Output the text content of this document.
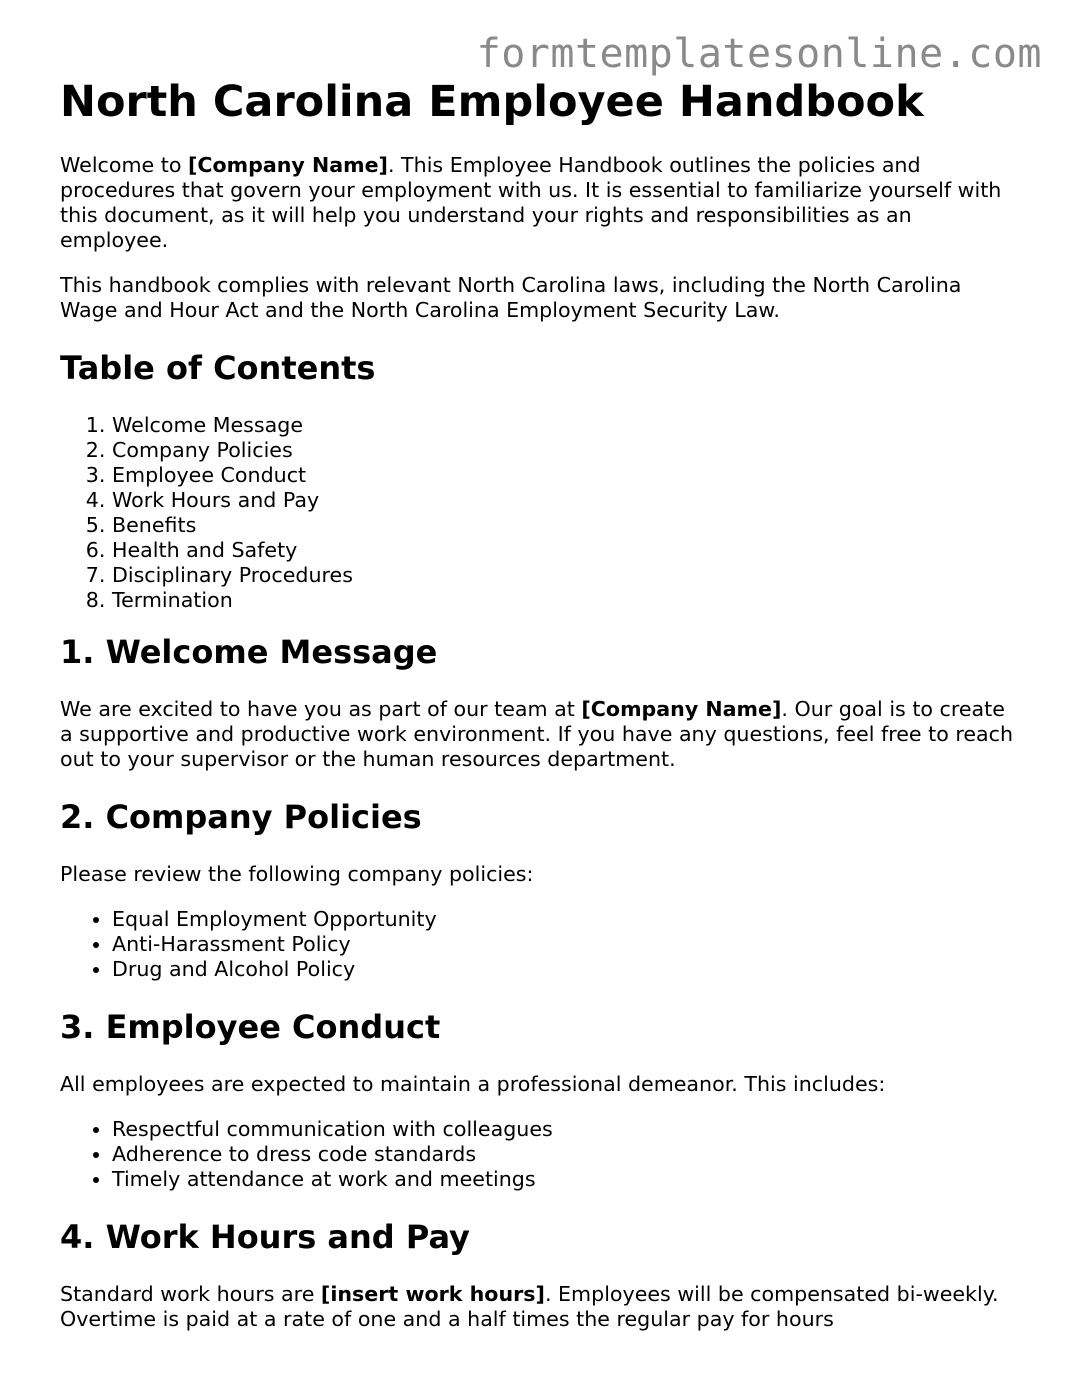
formtemplatesonline.com
North Carolina Employee Handbook

Welcome to [Company Name]. This Employee Handbook outlines the policies and procedures that govern your employment with us. It is essential to familiarize yourself with this document, as it will help you understand your rights and responsibilities as an employee.

This handbook complies with relevant North Carolina laws, including the North Carolina Wage and Hour Act and the North Carolina Employment Security Law.

Table of Contents
1. Welcome Message
2. Company Policies
3. Employee Conduct
4. Work Hours and Pay
5. Benefits
6. Health and Safety
7. Disciplinary Procedures
8. Termination
1. Welcome Message

We are excited to have you as part of our team at [Company Name]. Our goal is to create a supportive and productive work environment. If you have any questions, feel free to reach out to your supervisor or the human resources department.

2. Company Policies

Please review the following company policies:

• Equal Employment Opportunity
• Anti-Harassment Policy
• Drug and Alcohol Policy
3. Employee Conduct

All employees are expected to maintain a professional demeanor. This includes:

• Respectful communication with colleagues
• Adherence to dress code standards
• Timely attendance at work and meetings
4. Work Hours and Pay

Standard work hours are [insert work hours]. Employees will be compensated bi-weekly. Overtime is paid at a rate of one and a half times the regular pay for hours
